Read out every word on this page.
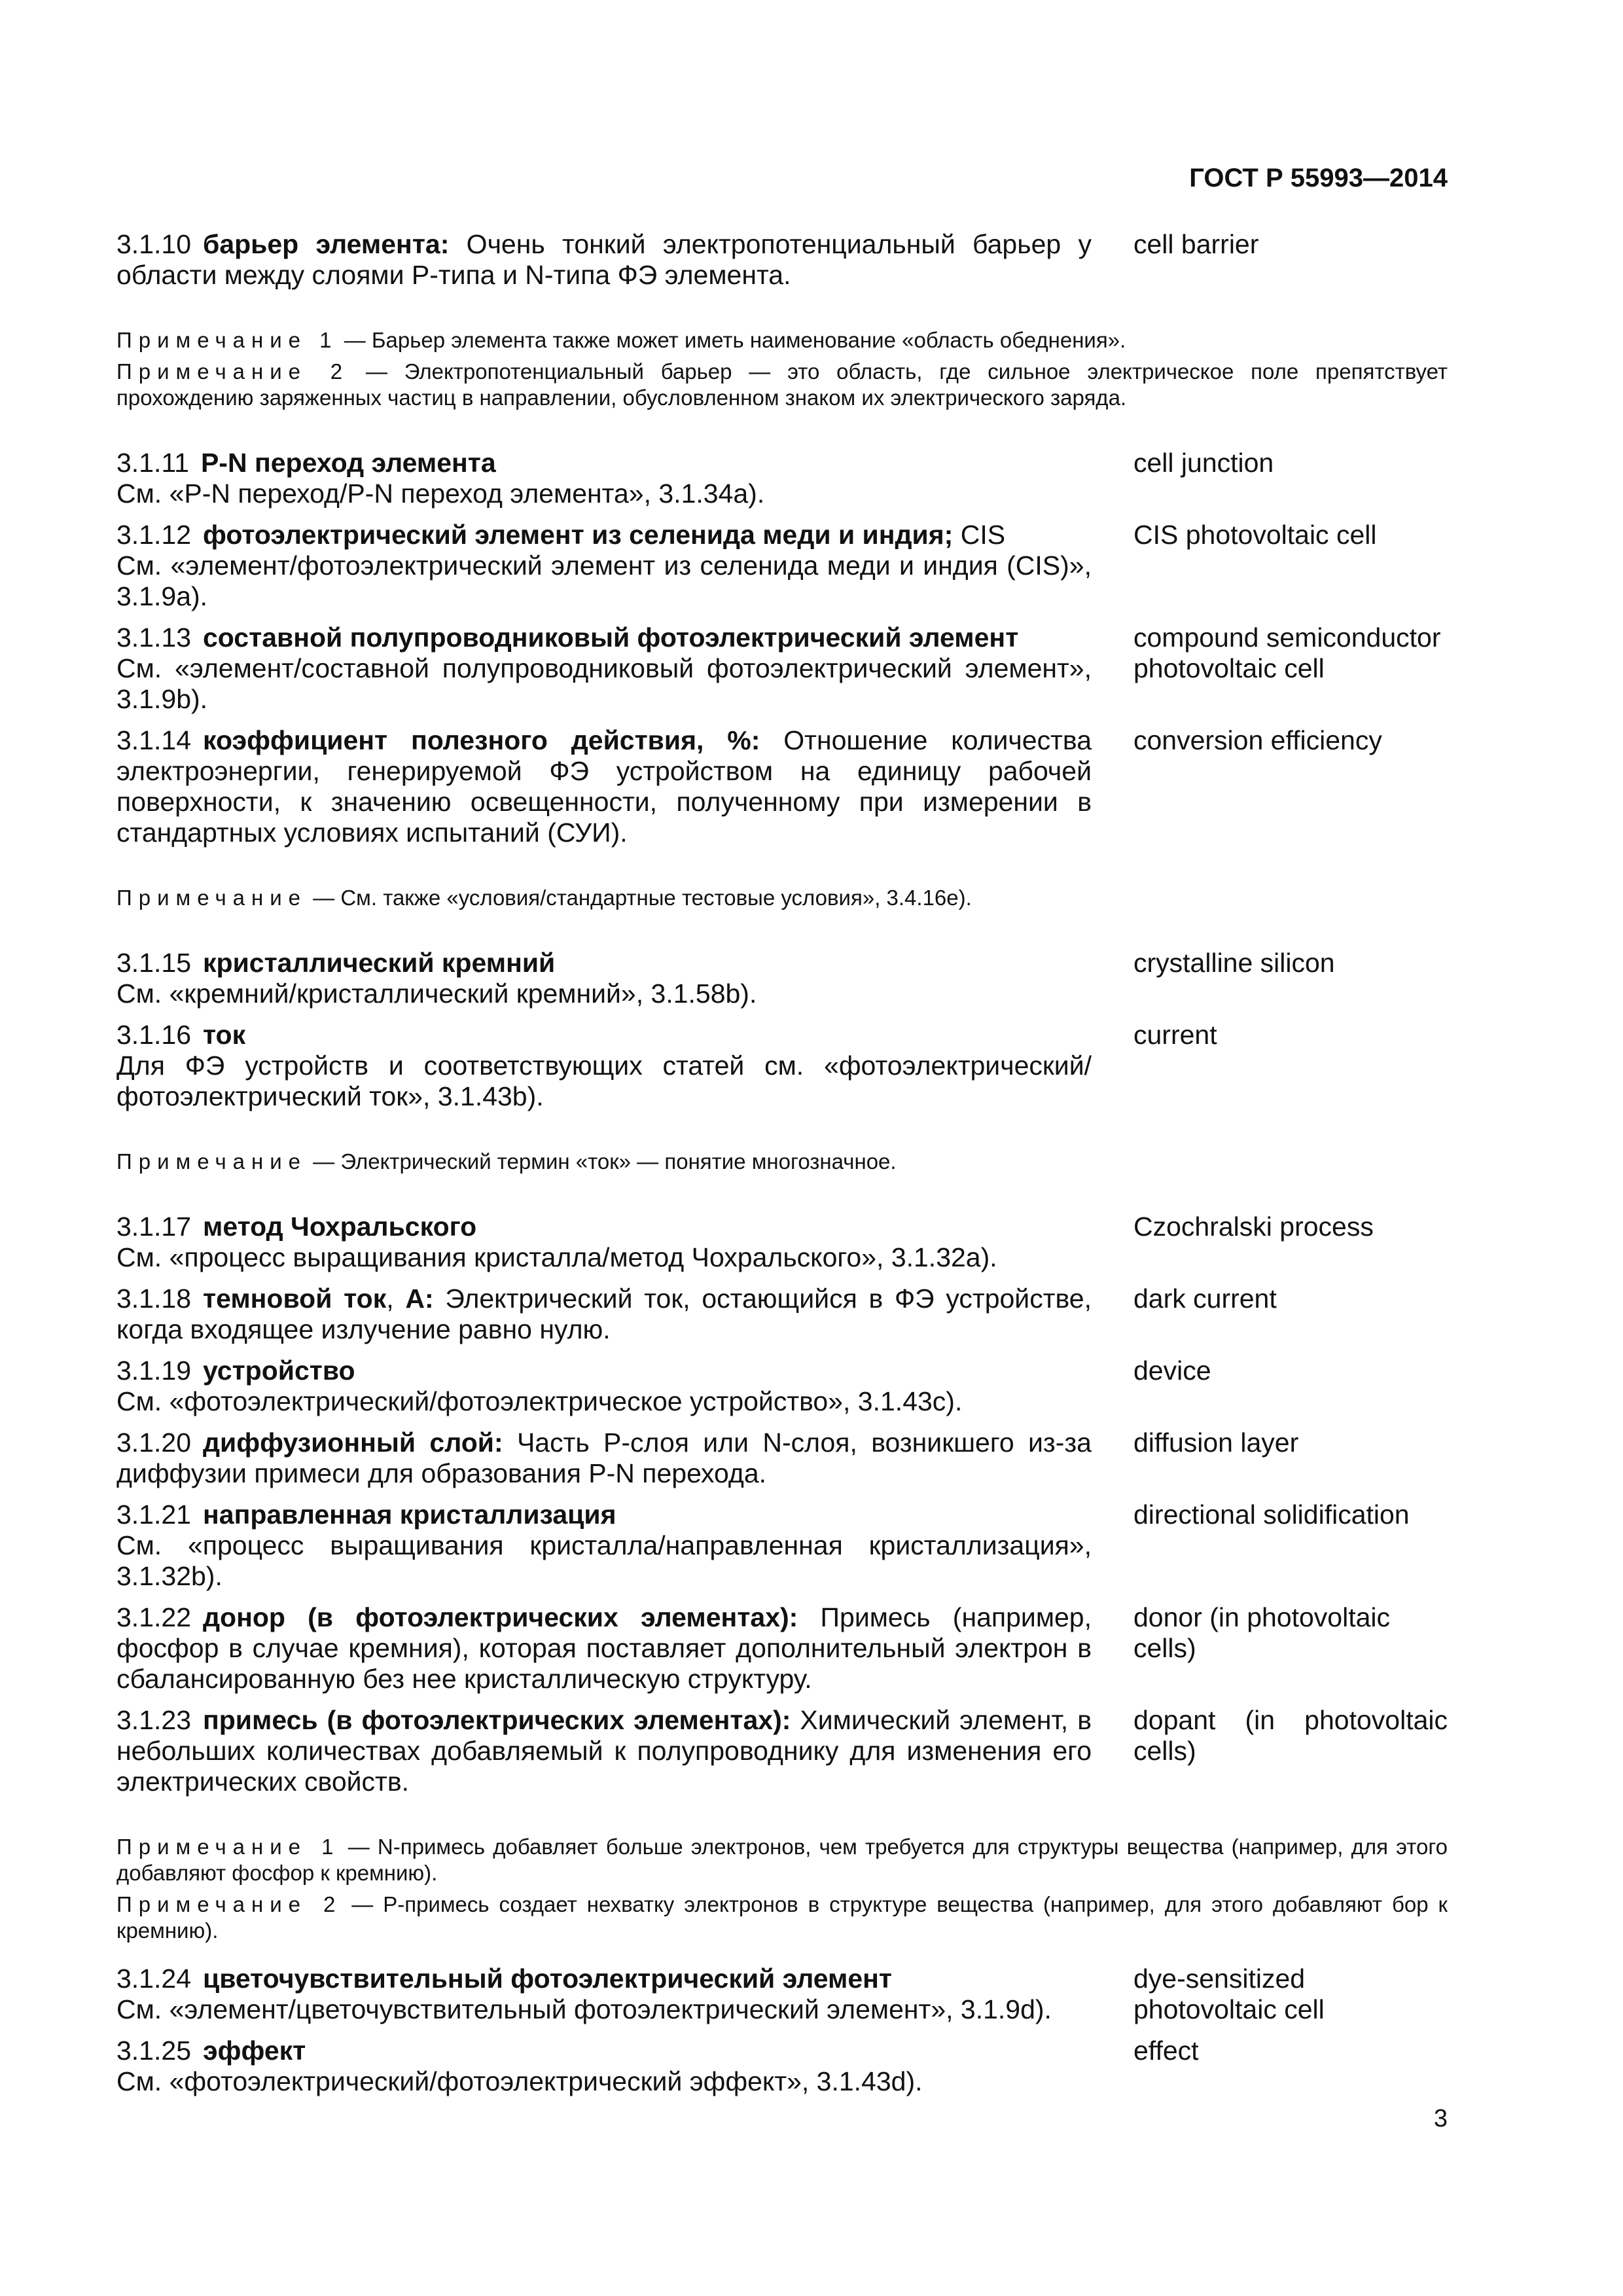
ГОСТ Р 55993—2014
3.1.10 барьер элемента: Очень тонкий электропотенциальный барьер у области между слоями P-типа и N-типа ФЭ элемента.
cell barrier
Примечание 1 — Барьер элемента также может иметь наименование «область обеднения».
Примечание 2 — Электропотенциальный барьер — это область, где сильное электрическое поле препятствует прохождению заряженных частиц в направлении, обусловленном знаком их электрического заряда.
3.1.11 P-N переход элемента
См. «P-N переход/P-N переход элемента», 3.1.34a).
cell junction
3.1.12 фотоэлектрический элемент из селенида меди и индия; CIS
См. «элемент/фотоэлектрический элемент из селенида меди и индия (CIS)», 3.1.9a).
CIS photovoltaic cell
3.1.13 составной полупроводниковый фотоэлектрический элемент
См. «элемент/составной полупроводниковый фотоэлектрический элемент», 3.1.9b).
compound semiconductor photovoltaic cell
3.1.14 коэффициент полезного действия, %: Отношение количества электроэнергии, генерируемой ФЭ устройством на единицу рабочей поверхности, к значению освещенности, полученному при измерении в стандартных условиях испытаний (СУИ).
conversion efficiency
Примечание — См. также «условия/стандартные тестовые условия», 3.4.16e).
3.1.15 кристаллический кремний
См. «кремний/кристаллический кремний», 3.1.58b).
crystalline silicon
3.1.16 ток
Для ФЭ устройств и соответствующих статей см. «фотоэлектрический/фотоэлектрический ток», 3.1.43b).
current
Примечание — Электрический термин «ток» — понятие многозначное.
3.1.17 метод Чохральского
См. «процесс выращивания кристалла/метод Чохральского», 3.1.32a).
Czochralski process
3.1.18 темновой ток, А: Электрический ток, остающийся в ФЭ устройстве, когда входящее излучение равно нулю.
dark current
3.1.19 устройство
См. «фотоэлектрический/фотоэлектрическое устройство», 3.1.43c).
device
3.1.20 диффузионный слой: Часть P-слоя или N-слоя, возникшего из-за диффузии примеси для образования P-N перехода.
diffusion layer
3.1.21 направленная кристаллизация
См. «процесс выращивания кристалла/направленная кристаллизация», 3.1.32b).
directional solidification
3.1.22 донор (в фотоэлектрических элементах): Примесь (например, фосфор в случае кремния), которая поставляет дополнительный электрон в сбалансированную без нее кристаллическую структуру.
donor (in photovoltaic cells)
3.1.23 примесь (в фотоэлектрических элементах): Химический элемент, в небольших количествах добавляемый к полупроводнику для изменения его электрических свойств.
dopant (in photovoltaic cells)
Примечание 1 — N-примесь добавляет больше электронов, чем требуется для структуры вещества (например, для этого добавляют фосфор к кремнию).
Примечание 2 — P-примесь создает нехватку электронов в структуре вещества (например, для этого добавляют бор к кремнию).
3.1.24 цветочувствительный фотоэлектрический элемент
См. «элемент/цветочувствительный фотоэлектрический элемент», 3.1.9d).
dye-sensitized photovoltaic cell
3.1.25 эффект
См. «фотоэлектрический/фотоэлектрический эффект», 3.1.43d).
effect
3
